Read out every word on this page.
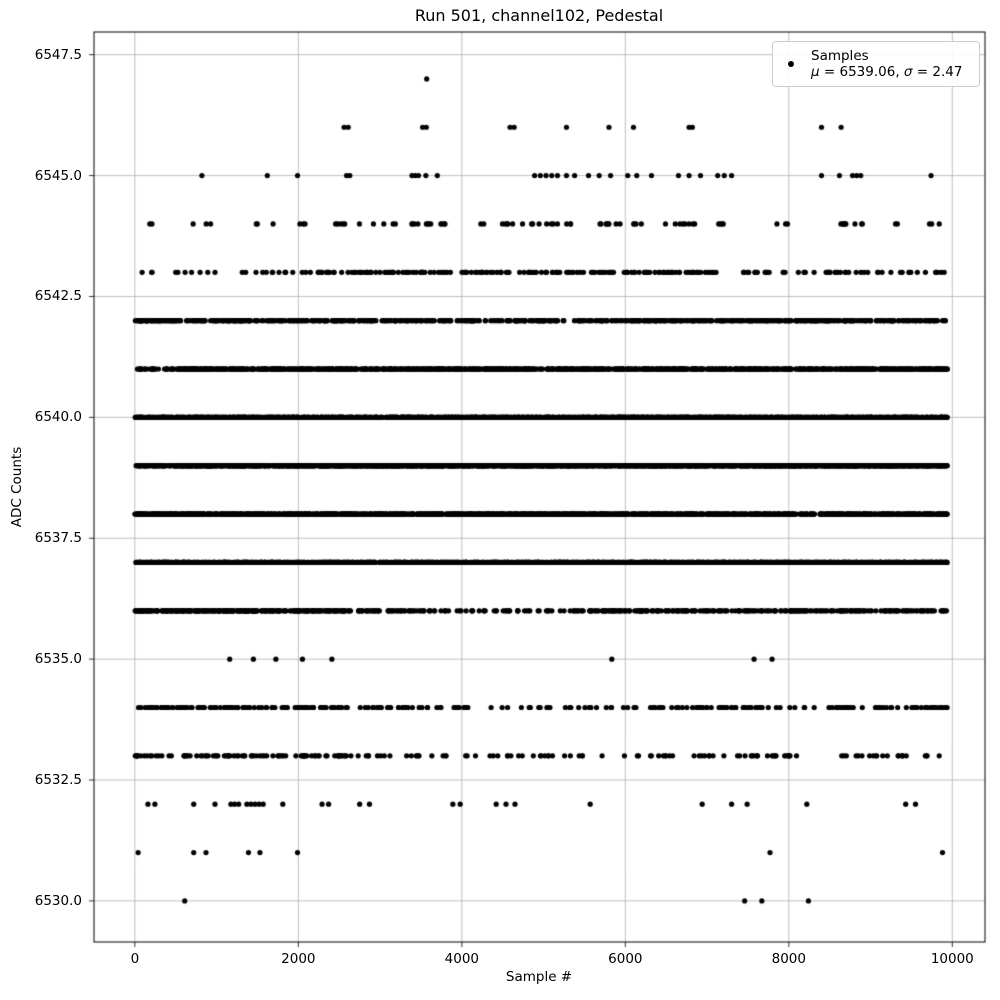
Run 501, channel102, Pedestal
Sample #
ADC Counts
0	2000	4000	6000	8000	10000
6530.0
6532.5
6535.0
6537.5
6540.0
6542.5
6545.0
6547.5	Samples
μ = 6539.06, σ = 2.47
